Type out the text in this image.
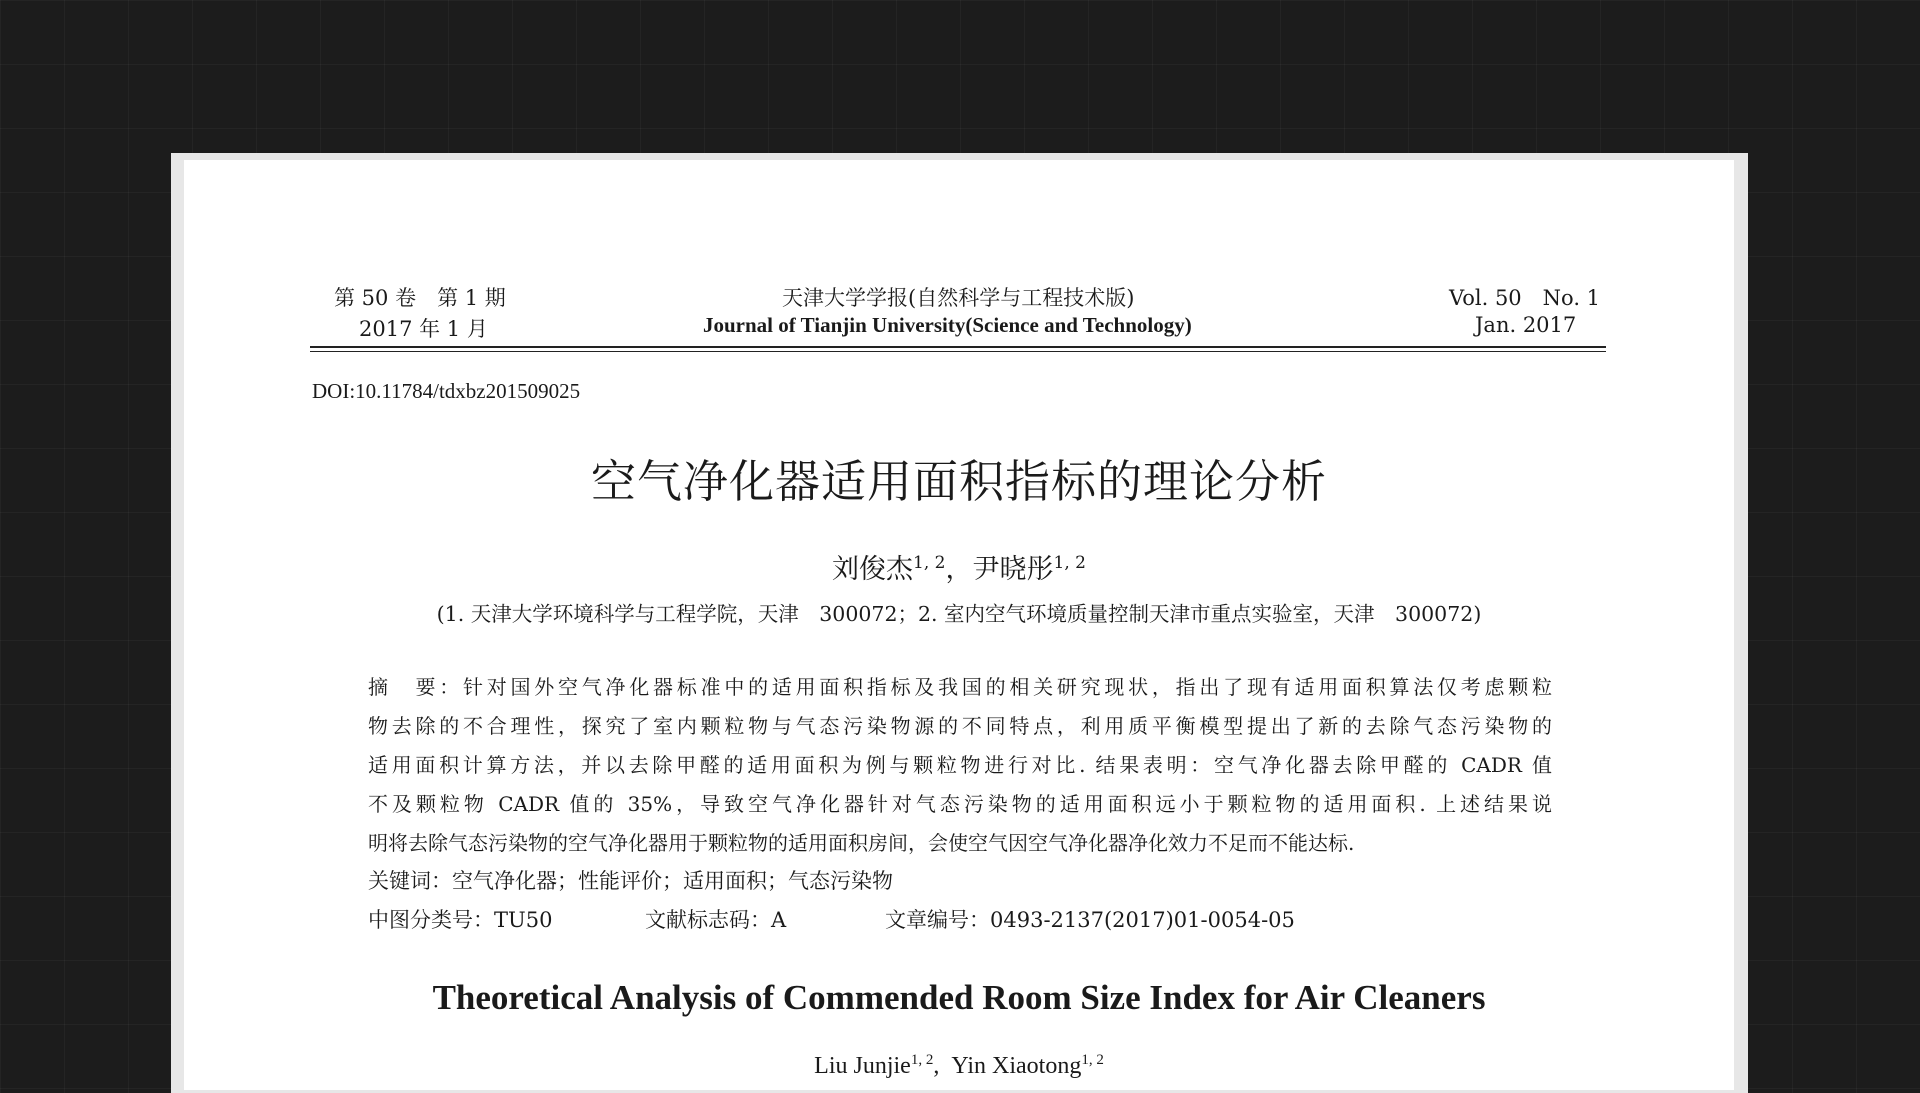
第 50 卷　第 1 期
2017 年 1 月
天津大学学报(自然科学与工程技术版)
Journal of Tianjin University(Science and Technology)
Vol. 50　No. 1
Jan. 2017
DOI:10.11784/tdxbz201509025
空气净化器适用面积指标的理论分析
刘俊杰$^{1, 2}$，尹晓彤$^{1, 2}$
(1. 天津大学环境科学与工程学院，天津　300072；2. 室内空气环境质量控制天津市重点实验室，天津　300072)
摘　要：针对国外空气净化器标准中的适用面积指标及我国的相关研究现状，指出了现有适用面积算法仅考虑颗粒
物去除的不合理性，探究了室内颗粒物与气态污染物源的不同特点，利用质平衡模型提出了新的去除气态污染物的
适用面积计算方法，并以去除甲醛的适用面积为例与颗粒物进行对比. 结果表明：空气净化器去除甲醛的 CADR 值
不及颗粒物 CADR 值的 35%，导致空气净化器针对气态污染物的适用面积远小于颗粒物的适用面积. 上述结果说
明将去除气态污染物的空气净化器用于颗粒物的适用面积房间，会使空气因空气净化器净化效力不足而不能达标.
关键词：空气净化器；性能评价；适用面积；气态污染物
中图分类号：TU50	文献标志码：A	文章编号：0493-2137(2017)01-0054-05
Theoretical Analysis of Commended Room Size Index for Air Cleaners
Liu Junjie$^{1, 2}$,  Yin Xiaotong$^{1, 2}$
